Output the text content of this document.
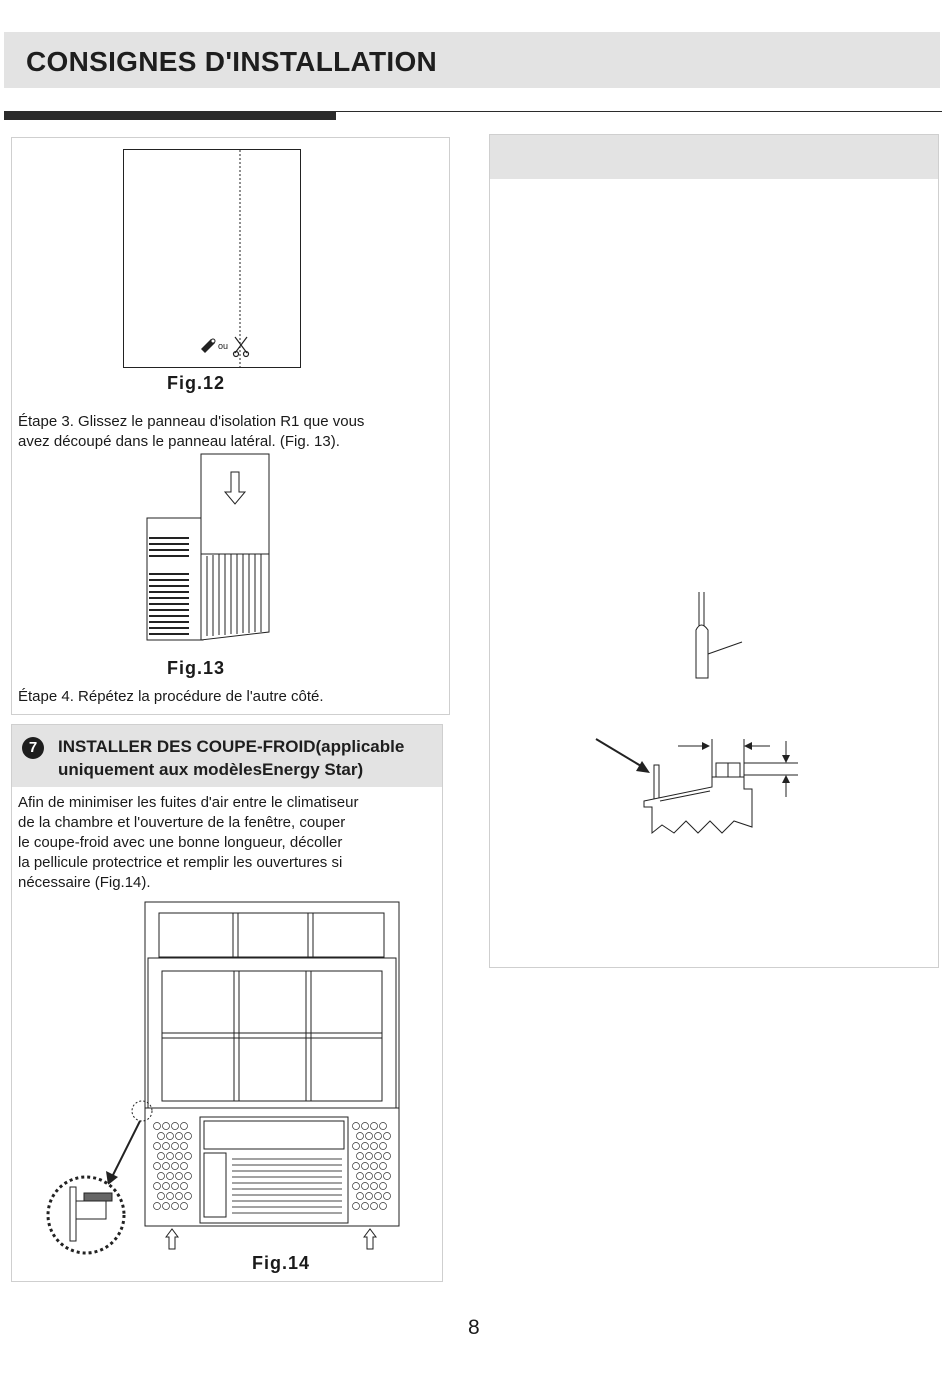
CONSIGNES D'INSTALLATION
ou
Fig.12
Étape 3. Glissez le panneau d'isolation R1 que vous
avez découpé dans le panneau latéral. (Fig. 13).
Fig.13
Étape 4. Répétez la procédure de l'autre côté.
7	INSTALLER DES COUPE-FROID(applicable
uniquement aux modèlesEnergy Star)
Afin de minimiser les fuites d'air entre le climatiseur
de la chambre et l'ouverture de la fenêtre, couper
le coupe-froid avec une bonne longueur, décoller
la pellicule protectrice et remplir les ouvertures si
nécessaire (Fig.14).
Fig.14
8
